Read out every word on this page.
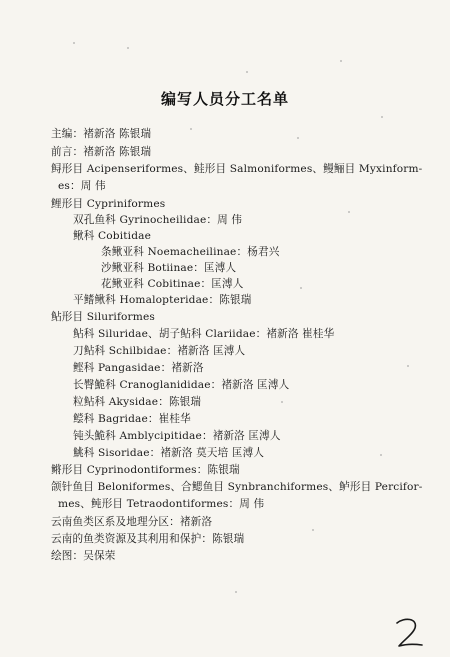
编写人员分工名单
主编：褚新洛 陈银瑞
前言：褚新洛 陈银瑞
鲟形目 Acipenseriformes、鲑形目 Salmoniformes、鳗鲡目 Myxinform-
es：周 伟
鲤形目 Cypriniformes
双孔鱼科 Gyrinocheilidae：周 伟
鳅科 Cobitidae
条鳅亚科 Noemacheilinae：杨君兴
沙鳅亚科 Botiinae：匡溥人
花鳅亚科 Cobitinae：匡溥人
平鳍鳅科 Homalopteridae：陈银瑞
鲇形目 Siluriformes
鲇科 Siluridae、胡子鲇科 Clariidae：褚新洛 崔桂华
刀鲇科 Schilbidae：褚新洛 匡溥人
鲣科 Pangasidae：褚新洛
长臀鮠科 Cranoglanididae：褚新洛 匡溥人
粒鲇科 Akysidae：陈银瑞
鲿科 Bagridae：崔桂华
钝头鮠科 Amblycipitidae：褚新洛 匡溥人
鮡科 Sisoridae：褚新洛 莫天培 匡溥人
鳉形目 Cyprinodontiformes：陈银瑞
颌针鱼目 Beloniformes、合鳃鱼目 Synbranchiformes、鲈形目 Percifor-
mes、鲀形目 Tetraodontiformes：周 伟
云南鱼类区系及地理分区：褚新洛
云南的鱼类资源及其利用和保护：陈银瑞
绘图：吴保荣
